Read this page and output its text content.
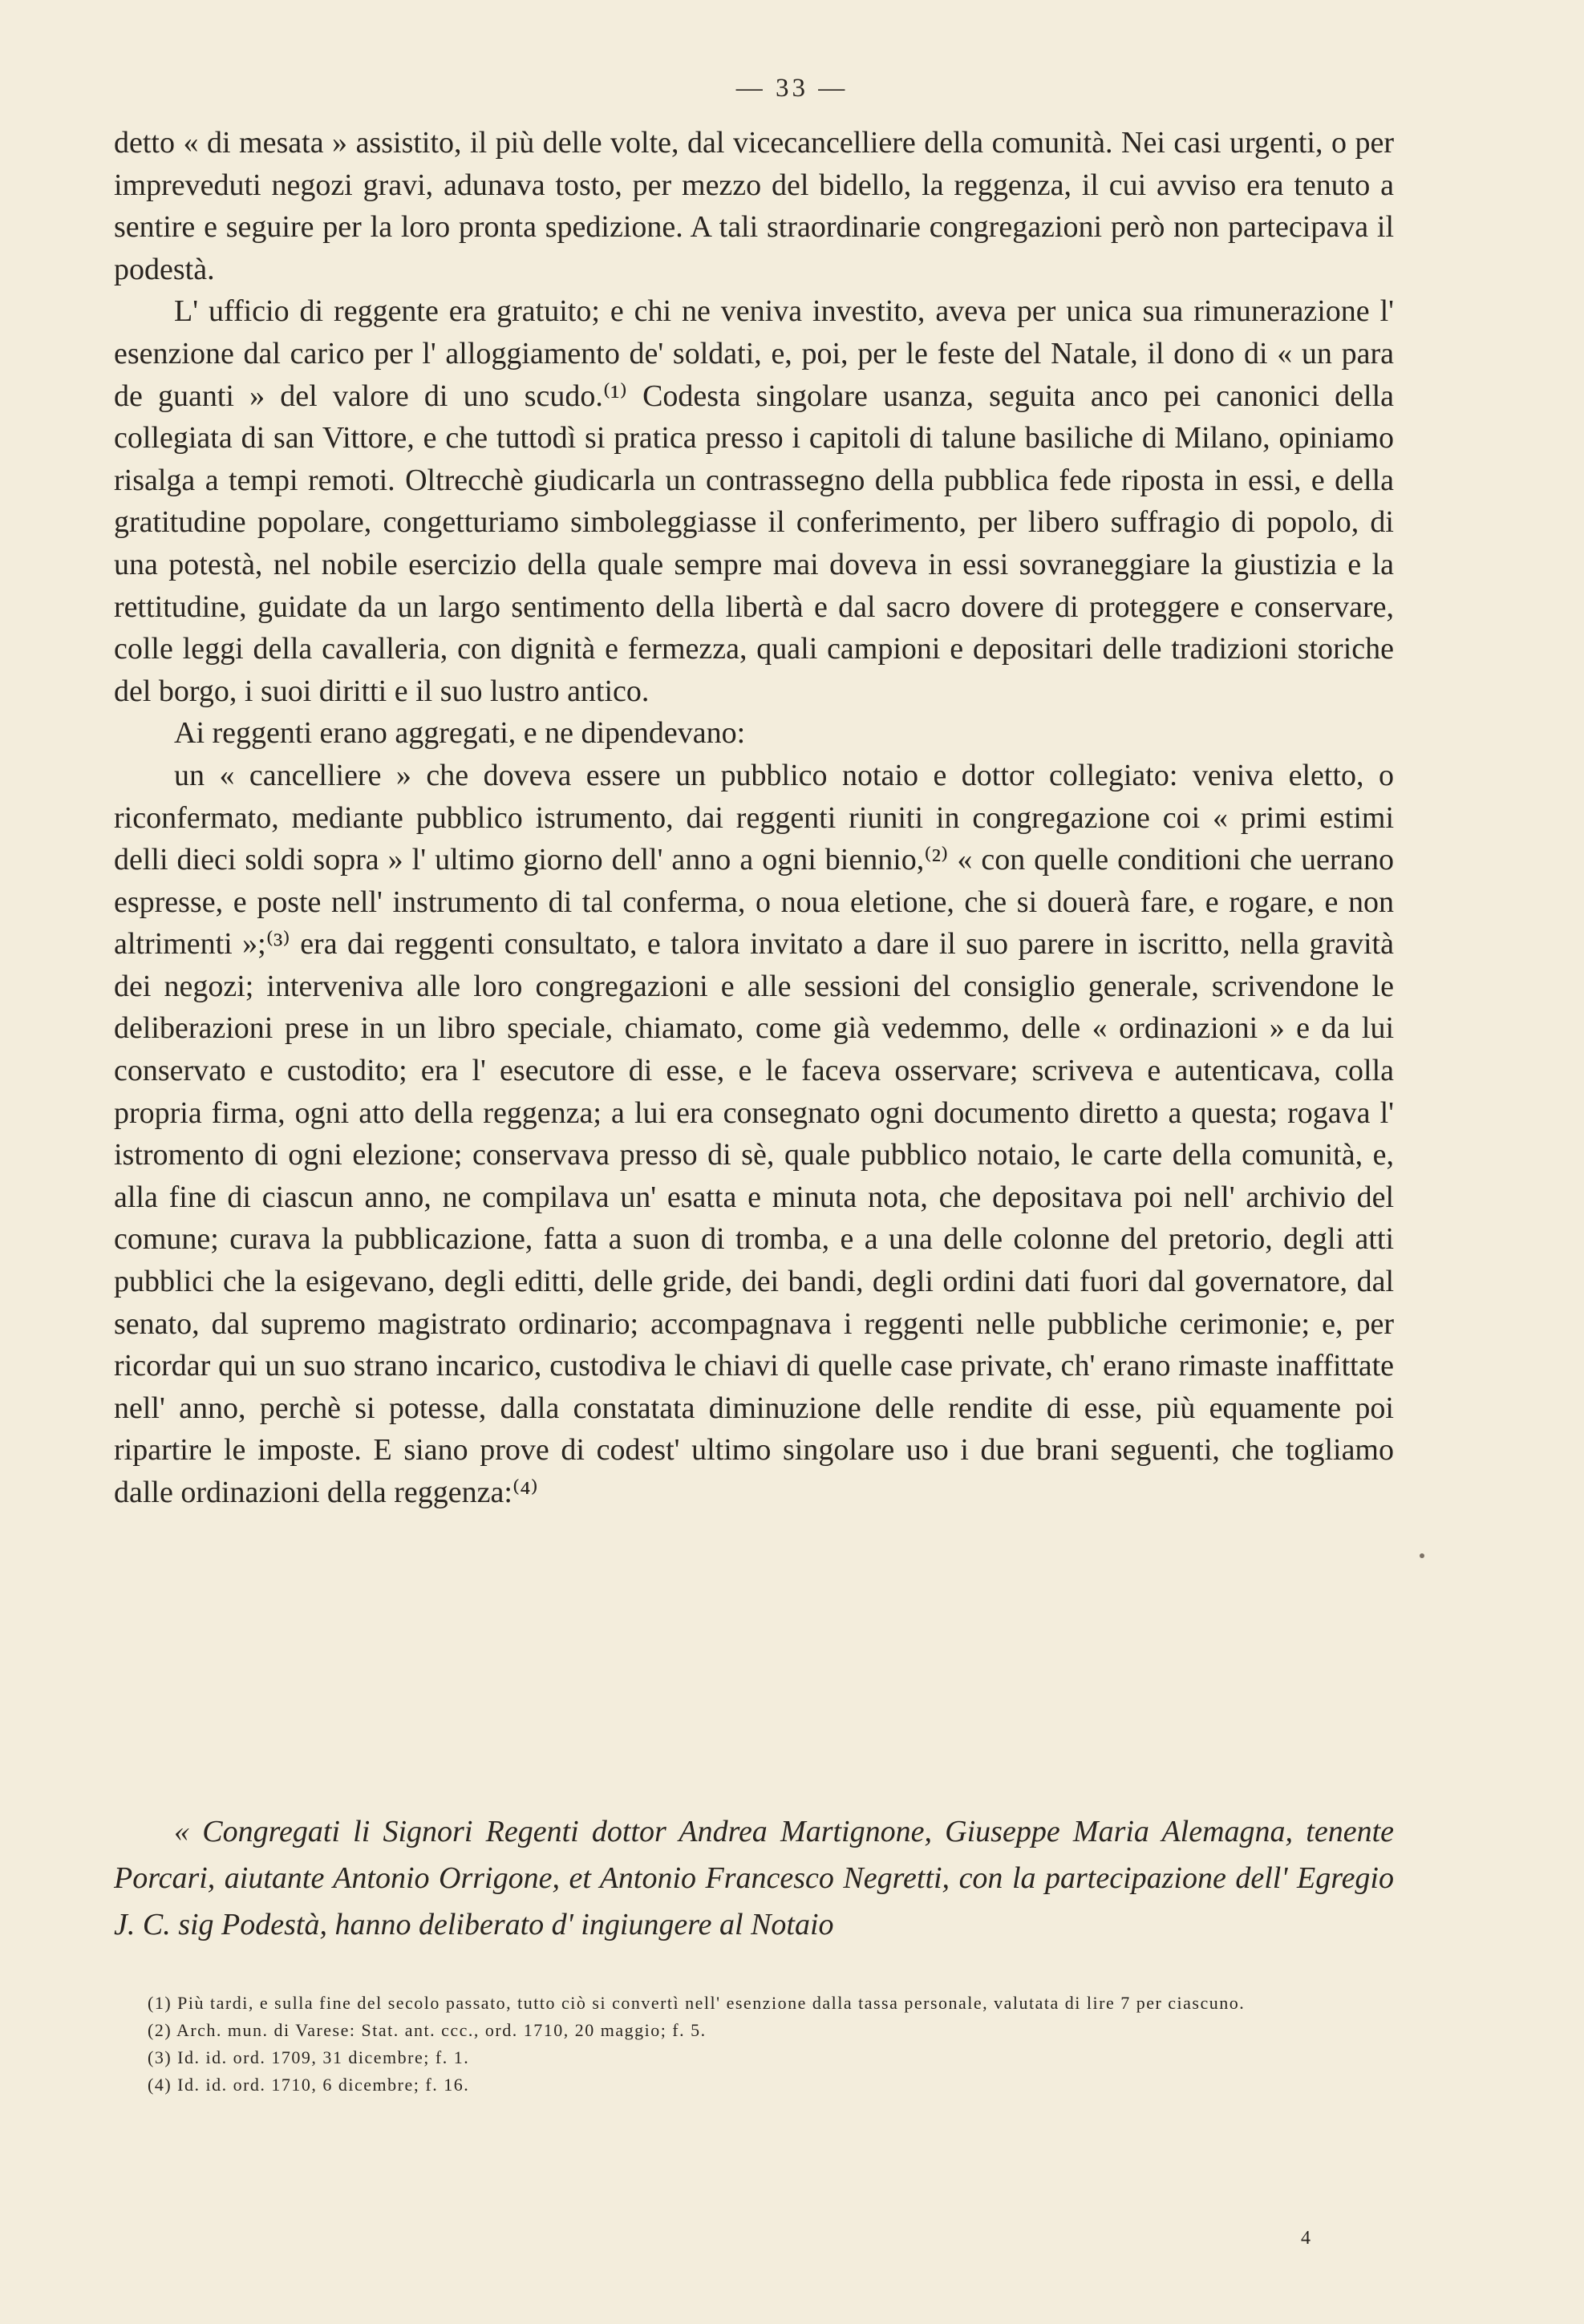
— 33 —

detto « di mesata » assistito, il più delle volte, dal vicecancelliere della comunità. Nei casi urgenti, o per impreveduti negozi gravi, adunava tosto, per mezzo del bidello, la reggenza, il cui avviso era tenuto a sentire e seguire per la loro pronta spedizione. A tali straordinarie congregazioni però non partecipava il podestà.

L' ufficio di reggente era gratuito; e chi ne veniva investito, aveva per unica sua rimunerazione l' esenzione dal carico per l' alloggiamento de' soldati, e, poi, per le feste del Natale, il dono di « un para de guanti » del valore di uno scudo.⁽¹⁾ Codesta singolare usanza, seguita anco pei canonici della collegiata di san Vittore, e che tuttodì si pratica presso i capitoli di talune basiliche di Milano, opiniamo risalga a tempi remoti. Oltrecchè giudicarla un contrassegno della pubblica fede riposta in essi, e della gratitudine popolare, congetturiamo simboleggiasse il conferimento, per libero suffragio di popolo, di una potestà, nel nobile esercizio della quale sempre mai doveva in essi sovraneggiare la giustizia e la rettitudine, guidate da un largo sentimento della libertà e dal sacro dovere di proteggere e conservare, colle leggi della cavalleria, con dignità e fermezza, quali campioni e depositari delle tradizioni storiche del borgo, i suoi diritti e il suo lustro antico.

Ai reggenti erano aggregati, e ne dipendevano:

un « cancelliere » che doveva essere un pubblico notaio e dottor collegiato: veniva eletto, o riconfermato, mediante pubblico istrumento, dai reggenti riuniti in congregazione coi « primi estimi delli dieci soldi sopra » l' ultimo giorno dell' anno a ogni biennio,⁽²⁾ « con quelle conditioni che uerrano espresse, e poste nell' instrumento di tal conferma, o noua eletione, che si douerà fare, e rogare, e non altrimenti »;⁽³⁾ era dai reggenti consultato, e talora invitato a dare il suo parere in iscritto, nella gravità dei negozi; interveniva alle loro congregazioni e alle sessioni del consiglio generale, scrivendone le deliberazioni prese in un libro speciale, chiamato, come già vedemmo, delle « ordinazioni » e da lui conservato e custodito; era l' esecutore di esse, e le faceva osservare; scriveva e autenticava, colla propria firma, ogni atto della reggenza; a lui era consegnato ogni documento diretto a questa; rogava l' istromento di ogni elezione; conservava presso di sè, quale pubblico notaio, le carte della comunità, e, alla fine di ciascun anno, ne compilava un' esatta e minuta nota, che depositava poi nell' archivio del comune; curava la pubblicazione, fatta a suon di tromba, e a una delle colonne del pretorio, degli atti pubblici che la esigevano, degli editti, delle gride, dei bandi, degli ordini dati fuori dal governatore, dal senato, dal supremo magistrato ordinario; accompagnava i reggenti nelle pubbliche cerimonie; e, per ricordar qui un suo strano incarico, custodiva le chiavi di quelle case private, ch' erano rimaste inaffittate nell' anno, perchè si potesse, dalla constatata diminuzione delle rendite di esse, più equamente poi ripartire le imposte. E siano prove di codest' ultimo singolare uso i due brani seguenti, che togliamo dalle ordinazioni della reggenza:⁽⁴⁾

« Congregati li Signori Regenti dottor Andrea Martignone, Giuseppe Maria Alemagna, tenente Porcari, aiutante Antonio Orrigone, et Antonio Francesco Negretti, con la partecipazione dell' Egregio J. C. sig Podestà, hanno deliberato d' ingiungere al Notaio

(1) Più tardi, e sulla fine del secolo passato, tutto ciò si convertì nell' esenzione dalla tassa personale, valutata di lire 7 per ciascuno.

(2) Arch. mun. di Varese: Stat. ant. ccc., ord. 1710, 20 maggio; f. 5.

(3) Id. id. ord. 1709, 31 dicembre; f. 1.

(4) Id. id. ord. 1710, 6 dicembre; f. 16.

4
